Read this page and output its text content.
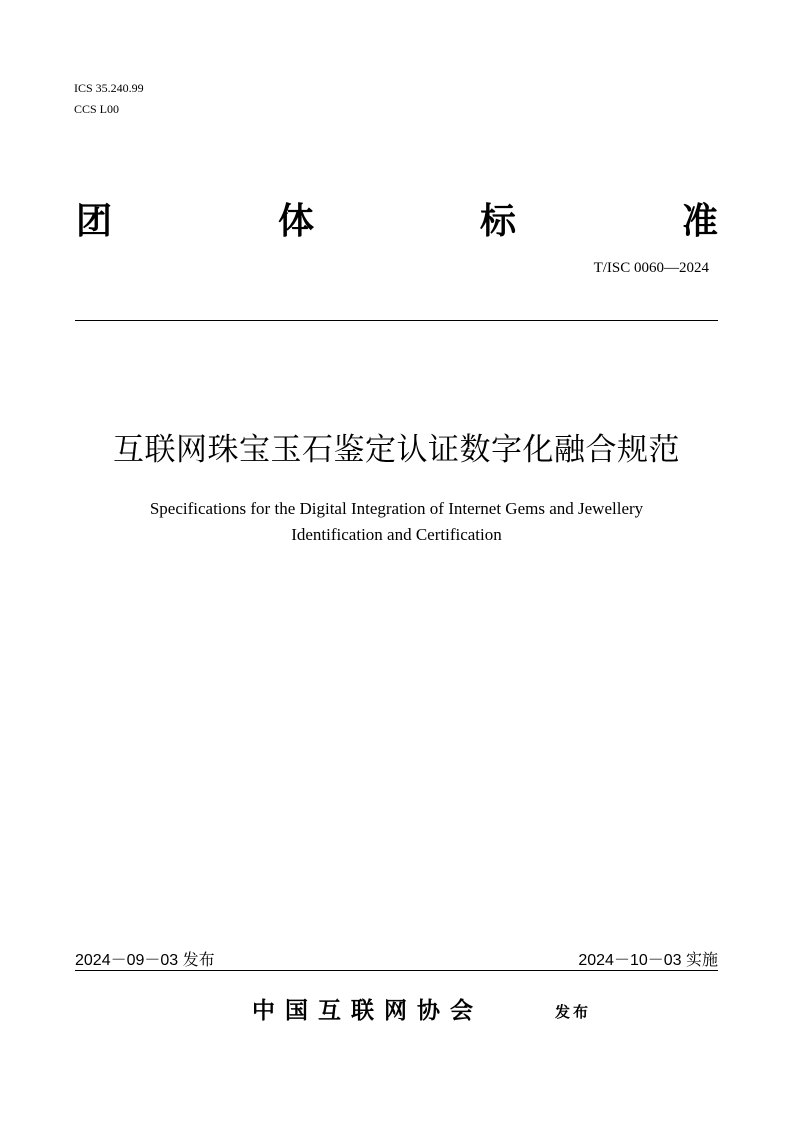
ICS 35.240.99
CCS L00
团	体	标	准
T/ISC 0060—2024
互联网珠宝玉石鉴定认证数字化融合规范
Specifications for the Digital Integration of Internet Gems and Jewellery
Identification and Certification
2024－09－03 发布	2024－10－03 实施
中国互联网协会	发布
